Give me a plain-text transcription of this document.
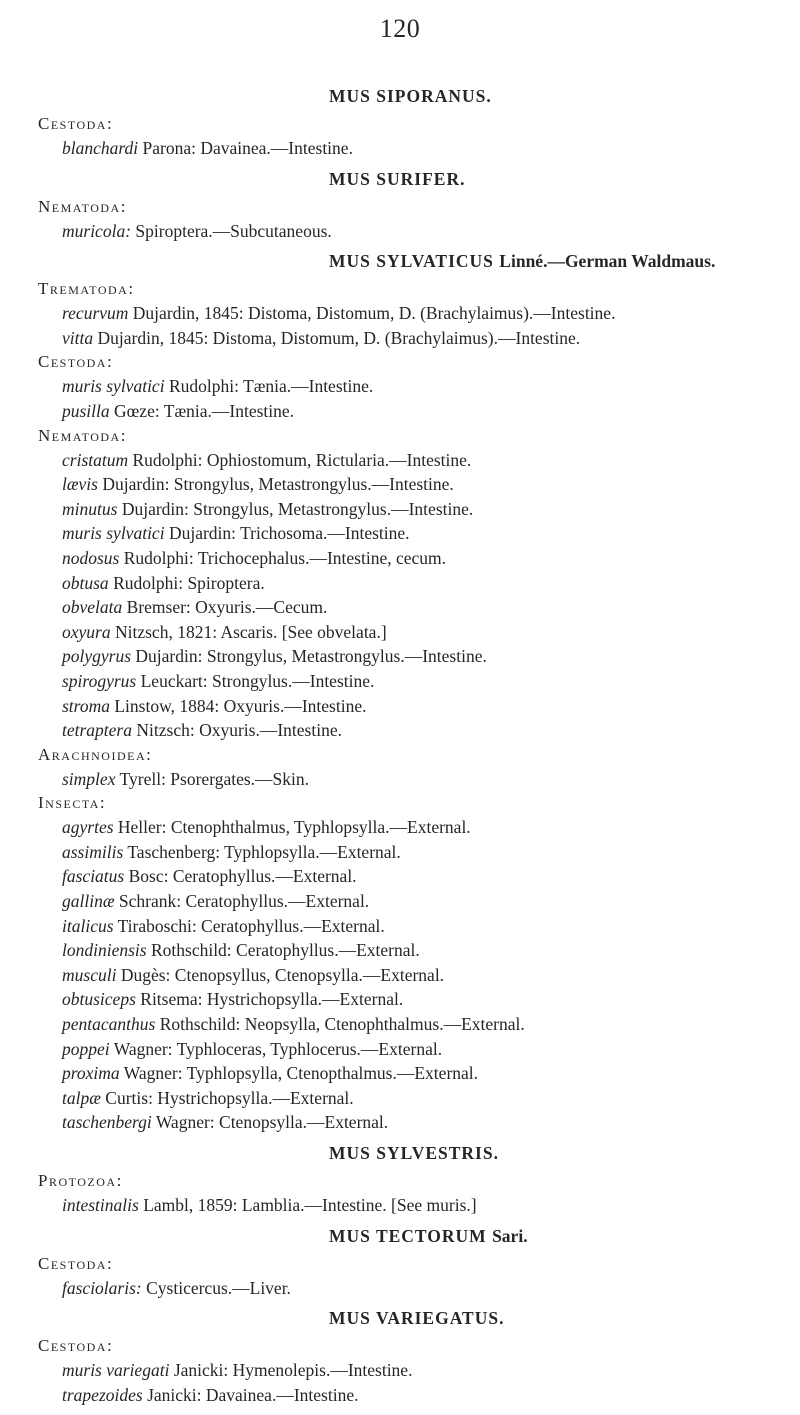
120
MUS SIPORANUS.
Cestoda:
blanchardi Parona: Davainea.—Intestine.
MUS SURIFER.
Nematoda:
muricola: Spiroptera.—Subcutaneous.
MUS SYLVATICUS Linné.—German Waldmaus.
Trematoda:
recurvum Dujardin, 1845: Distoma, Distomum, D. (Brachylaimus).—Intestine.
vitta Dujardin, 1845: Distoma, Distomum, D. (Brachylaimus).—Intestine.
Cestoda:
muris sylvatici Rudolphi: Tænia.—Intestine.
pusilla Gœze: Tænia.—Intestine.
Nematoda:
cristatum Rudolphi: Ophiostomum, Rictularia.—Intestine.
lævis Dujardin: Strongylus, Metastrongylus.—Intestine.
minutus Dujardin: Strongylus, Metastrongylus.—Intestine.
muris sylvatici Dujardin: Trichosoma.—Intestine.
nodosus Rudolphi: Trichocephalus.—Intestine, cecum.
obtusa Rudolphi: Spiroptera.
obvelata Bremser: Oxyuris.—Cecum.
oxyura Nitzsch, 1821: Ascaris. [See obvelata.]
polygyrus Dujardin: Strongylus, Metastrongylus.—Intestine.
spirogyrus Leuckart: Strongylus.—Intestine.
stroma Linstow, 1884: Oxyuris.—Intestine.
tetraptera Nitzsch: Oxyuris.—Intestine.
Arachnoidea:
simplex Tyrell: Psorergates.—Skin.
Insecta:
agyrtes Heller: Ctenophthalmus, Typhlopsylla.—External.
assimilis Taschenberg: Typhlopsylla.—External.
fasciatus Bosc: Ceratophyllus.—External.
gallinæ Schrank: Ceratophyllus.—External.
italicus Tiraboschi: Ceratophyllus.—External.
londiniensis Rothschild: Ceratophyllus.—External.
musculi Dugès: Ctenopsyllus, Ctenopsylla.—External.
obtusiceps Ritsema: Hystrichopsylla.—External.
pentacanthus Rothschild: Neopsylla, Ctenophthalmus.—External.
poppei Wagner: Typhloceras, Typhlocerus.—External.
proxima Wagner: Typhlopsylla, Ctenopthalmus.—External.
talpæ Curtis: Hystrichopsylla.—External.
taschenbergi Wagner: Ctenopsylla.—External.
MUS SYLVESTRIS.
Protozoa:
intestinalis Lambl, 1859: Lamblia.—Intestine. [See muris.]
MUS TECTORUM Sari.
Cestoda:
fasciolaris: Cysticercus.—Liver.
MUS VARIEGATUS.
Cestoda:
muris variegati Janicki: Hymenolepis.—Intestine.
trapezoides Janicki: Davainea.—Intestine.
